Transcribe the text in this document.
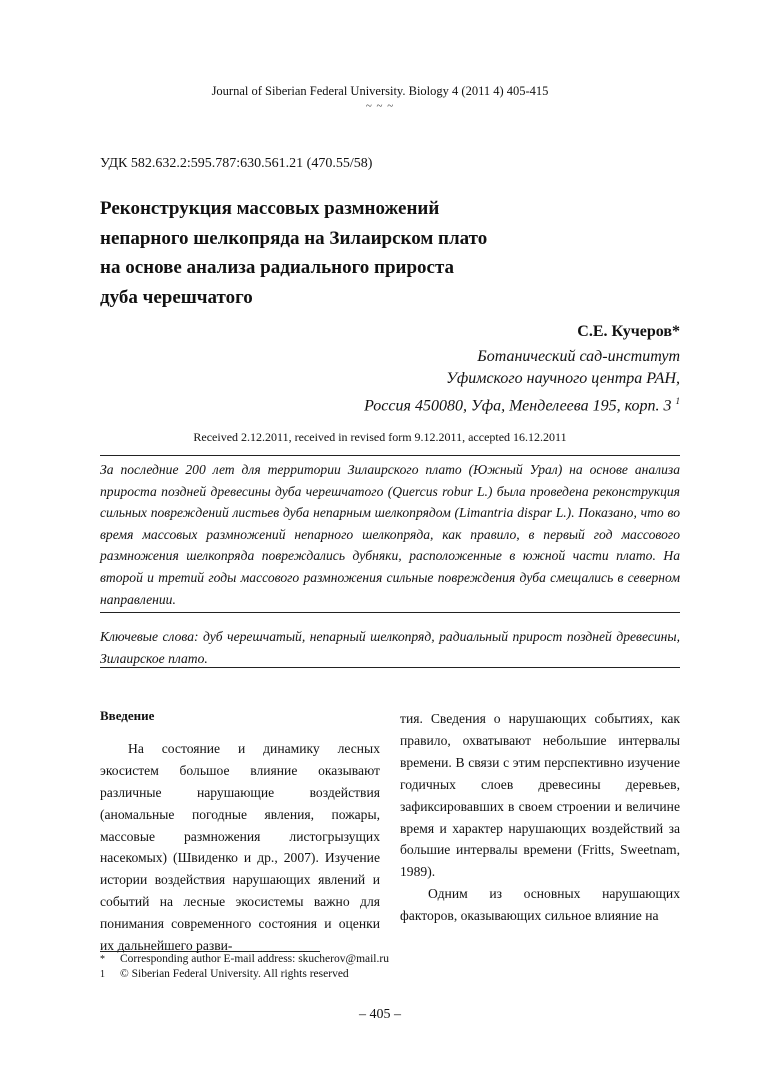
Journal of Siberian Federal University. Biology 4 (2011 4) 405-415
~ ~ ~
УДК 582.632.2:595.787:630.561.21 (470.55/58)
Реконструкция массовых размножений
непарного шелкопряда на Зилаирском плато
на основе анализа радиального прироста
дуба черешчатого
С.Е. Кучеров*
Ботанический сад-институт
Уфимского научного центра РАН,
Россия 450080, Уфа, Менделеева 195, корп. 3 $^1$
Received 2.12.2011, received in revised form 9.12.2011, accepted 16.12.2011
За последние 200 лет для территории Зилаирского плато (Южный Урал) на основе анализа прироста поздней древесины дуба черешчатого (Quercus robur L.) была проведена реконструкция сильных повреждений листьев дуба непарным шелкопрядом (Limantria dispar L.). Показано, что во время массовых размножений непарного шелкопряда, как правило, в первый год массового размножения шелкопряда повреждались дубняки, расположенные в южной части плато. На второй и третий годы массового размножения сильные повреждения дуба смещались в северном направлении.
Ключевые слова: дуб черешчатый, непарный шелкопряд, радиальный прирост поздней древесины, Зилаирское плато.

Введение

На состояние и динамику лесных экосистем большое влияние оказывают различные нарушающие воздействия (аномальные погодные явления, пожары, массовые размножения листогрызущих насекомых) (Швиденко и др., 2007). Изучение истории воздействия нарушающих явлений и событий на лесные экосистемы важно для понимания современного состояния и оценки их дальнейшего разви-

тия. Сведения о нарушающих событиях, как правило, охватывают небольшие интервалы времени. В связи с этим перспективно изучение годичных слоев древесины деревьев, зафиксировавших в своем строении и величине время и характер нарушающих воздействий за большие интервалы времени (Fritts, Sweetnam, 1989).

Одним из основных нарушающих факторов, оказывающих сильное влияние на

* Corresponding author E-mail address: skucherov@mail.ru
1 © Siberian Federal University. All rights reserved
– 405 –
